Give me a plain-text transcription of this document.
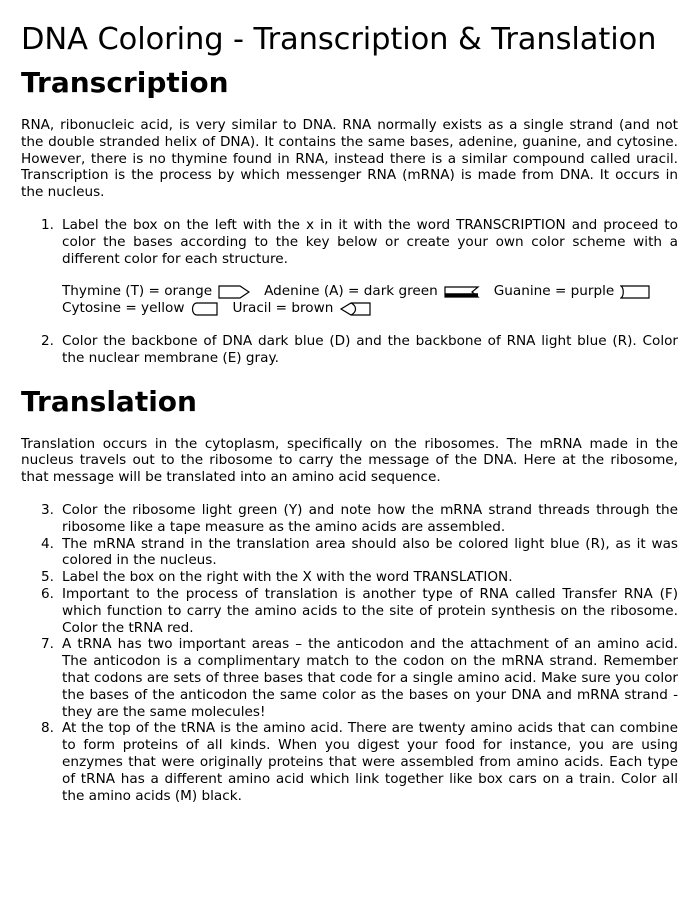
DNA Coloring - Transcription & Translation
Transcription

RNA, ribonucleic acid, is very similar to DNA. RNA normally exists as a single strand (and not the double stranded helix of DNA). It contains the same bases, adenine, guanine, and cytosine. However, there is no thymine found in RNA, instead there is a similar compound called uracil. Transcription is the process by which messenger RNA (mRNA) is made from DNA. It occurs in the nucleus.

1. Label the box on the left with the x in it with the word TRANSCRIPTION and proceed to color the bases according to the key below or create your own color scheme with a different color for each structure.
Thymine (T) = orange	Adenine (A) = dark green	Guanine = purple
Cytosine = yellow	Uracil = brown
2. Color the backbone of DNA dark blue (D) and the backbone of RNA light blue (R). Color the nuclear membrane (E) gray.
Translation

Translation occurs in the cytoplasm, specifically on the ribosomes. The mRNA made in the nucleus travels out to the ribosome to carry the message of the DNA. Here at the ribosome, that message will be translated into an amino acid sequence.

3. Color the ribosome light green (Y) and note how the mRNA strand threads through the ribosome like a tape measure as the amino acids are assembled.
4. The mRNA strand in the translation area should also be colored light blue (R), as it was colored in the nucleus.
5. Label the box on the right with the X with the word TRANSLATION.
6. Important to the process of translation is another type of RNA called Transfer RNA (F) which function to carry the amino acids to the site of protein synthesis on the ribosome. Color the tRNA red.
7. A tRNA has two important areas – the anticodon and the attachment of an amino acid. The anticodon is a complimentary match to the codon on the mRNA strand. Remember that codons are sets of three bases that code for a single amino acid. Make sure you color the bases of the anticodon the same color as the bases on your DNA and mRNA strand - they are the same molecules!
8. At the top of the tRNA is the amino acid. There are twenty amino acids that can combine to form proteins of all kinds. When you digest your food for instance, you are using enzymes that were originally proteins that were assembled from amino acids. Each type of tRNA has a different amino acid which link together like box cars on a train. Color all the amino acids (M) black.
